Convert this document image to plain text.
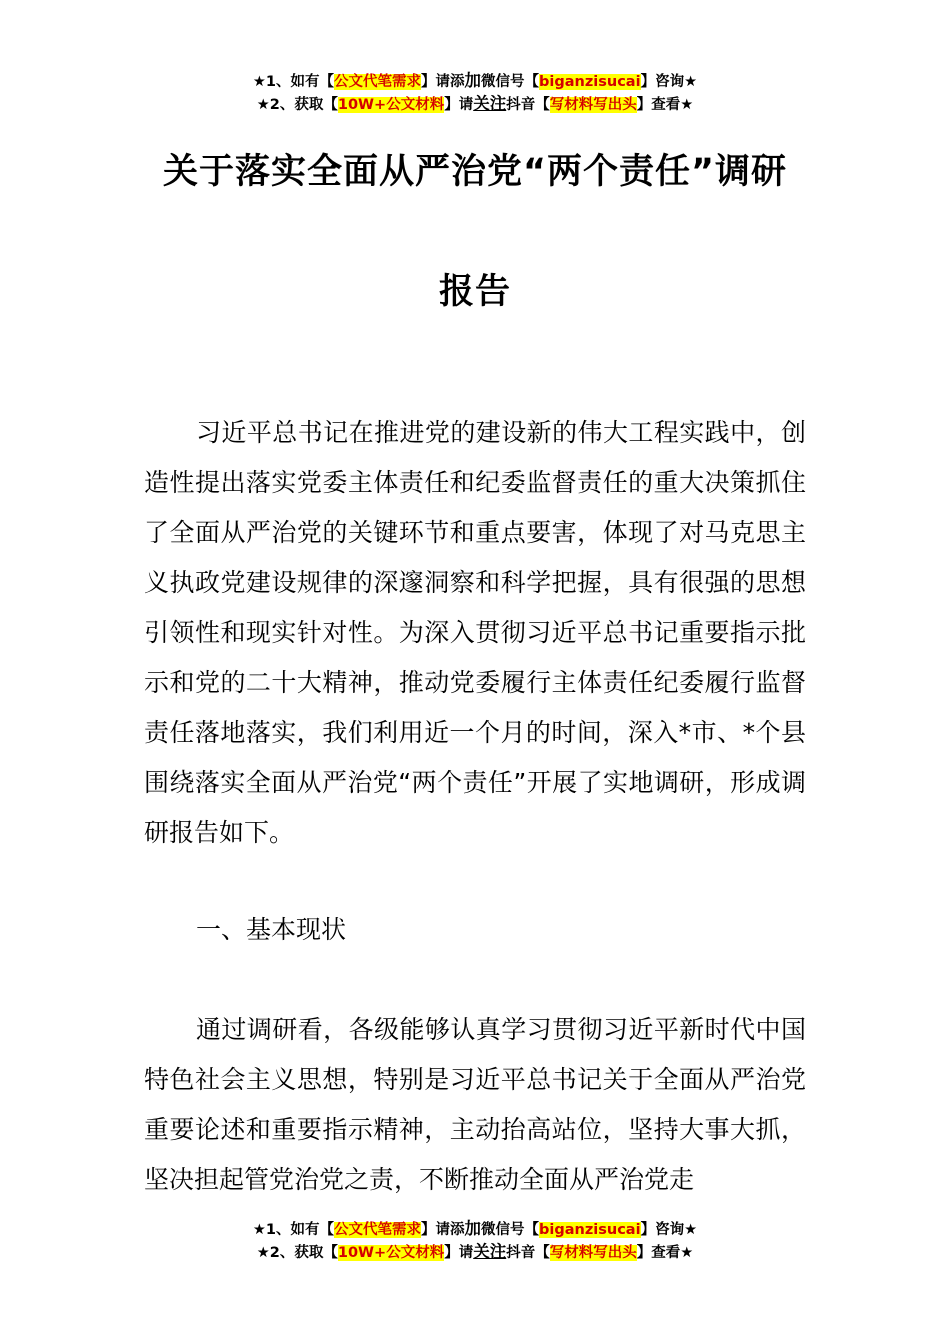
★1、如有【公文代笔需求】请添加微信号【biganzisucai】咨询★
★2、获取【10W+公文材料】请关注抖音【写材料写出头】查看★
关于落实全面从严治党“两个责任”调研
报告

习近平总书记在推进党的建设新的伟大工程实践中，创造性提出落实党委主体责任和纪委监督责任的重大决策抓住了全面从严治党的关键环节和重点要害，体现了对马克思主义执政党建设规律的深邃洞察和科学把握，具有很强的思想引领性和现实针对性。为深入贯彻习近平总书记重要指示批示和党的二十大精神，推动党委履行主体责任纪委履行监督责任落地落实，我们利用近一个月的时间，深入*市、*个县围绕落实全面从严治党“两个责任”开展了实地调研，形成调研报告如下。

一、基本现状

通过调研看，各级能够认真学习贯彻习近平新时代中国特色社会主义思想，特别是习近平总书记关于全面从严治党重要论述和重要指示精神，主动抬高站位，坚持大事大抓，坚决担起管党治党之责，不断推动全面从严治党走

★1、如有【公文代笔需求】请添加微信号【biganzisucai】咨询★
★2、获取【10W+公文材料】请关注抖音【写材料写出头】查看★
